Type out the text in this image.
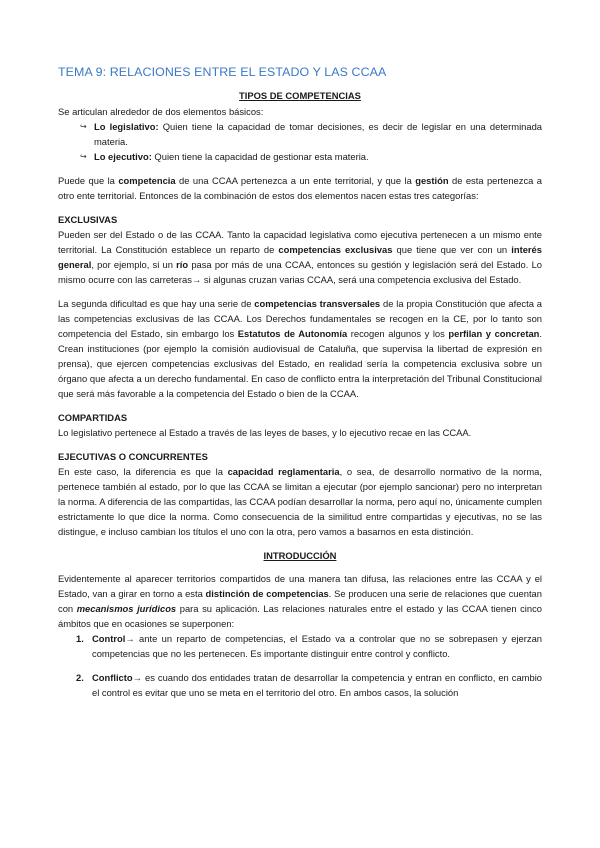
TEMA 9: RELACIONES ENTRE EL ESTADO Y LAS CCAA
TIPOS DE COMPETENCIAS

Se articulan alrededor de dos elementos básicos:

↪ Lo legislativo: Quien tiene la capacidad de tomar decisiones, es decir de legislar en una determinada materia.
↪ Lo ejecutivo: Quien tiene la capacidad de gestionar esta materia.

Puede que la competencia de una CCAA pertenezca a un ente territorial, y que la gestión de esta pertenezca a otro ente territorial. Entonces de la combinación de estos dos elementos nacen estas tres categorías:

EXCLUSIVAS

Pueden ser del Estado o de las CCAA. Tanto la capacidad legislativa como ejecutiva pertenecen a un mismo ente territorial. La Constitución establece un reparto de competencias exclusivas que tiene que ver con un interés general, por ejemplo, si un río pasa por más de una CCAA, entonces su gestión y legislación será del Estado. Lo mismo ocurre con las carreteras→ si algunas cruzan varias CCAA, será una competencia exclusiva del Estado.

La segunda dificultad es que hay una serie de competencias transversales de la propia Constitución que afecta a las competencias exclusivas de las CCAA. Los Derechos fundamentales se recogen en la CE, por lo tanto son competencia del Estado, sin embargo los Estatutos de Autonomía recogen algunos y los perfilan y concretan. Crean instituciones (por ejemplo la comisión audiovisual de Cataluña, que supervisa la libertad de expresión en prensa), que ejercen competencias exclusivas del Estado, en realidad sería la competencia exclusiva sobre un órgano que afecta a un derecho fundamental. En caso de conflicto entra la interpretación del Tribunal Constitucional que será más favorable a la competencia del Estado o bien de la CCAA.

COMPARTIDAS

Lo legislativo pertenece al Estado a través de las leyes de bases, y lo ejecutivo recae en las CCAA.

EJECUTIVAS O CONCURRENTES

En este caso, la diferencia es que la capacidad reglamentaria, o sea, de desarrollo normativo de la norma, pertenece también al estado, por lo que las CCAA se limitan a ejecutar (por ejemplo sancionar) pero no interpretan la norma. A diferencia de las compartidas, las CCAA podían desarrollar la norma, pero aquí no, únicamente cumplen estrictamente lo que dice la norma. Como consecuencia de la similitud entre compartidas y ejecutivas, no se las distingue, e incluso cambian los títulos el uno con la otra, pero vamos a basarnos en esta distinción.

INTRODUCCIÓN

Evidentemente al aparecer territorios compartidos de una manera tan difusa, las relaciones entre las CCAA y el Estado, van a girar en torno a esta distinción de competencias. Se producen una serie de relaciones que cuentan con mecanismos jurídicos para su aplicación. Las relaciones naturales entre el estado y las CCAA tienen cinco ámbitos que en ocasiones se superponen:

1. Control→ ante un reparto de competencias, el Estado va a controlar que no se sobrepasen y ejerzan competencias que no les pertenecen. Es importante distinguir entre control y conflicto.
2. Conflicto→ es cuando dos entidades tratan de desarrollar la competencia y entran en conflicto, en cambio el control es evitar que uno se meta en el territorio del otro. En ambos casos, la solución
